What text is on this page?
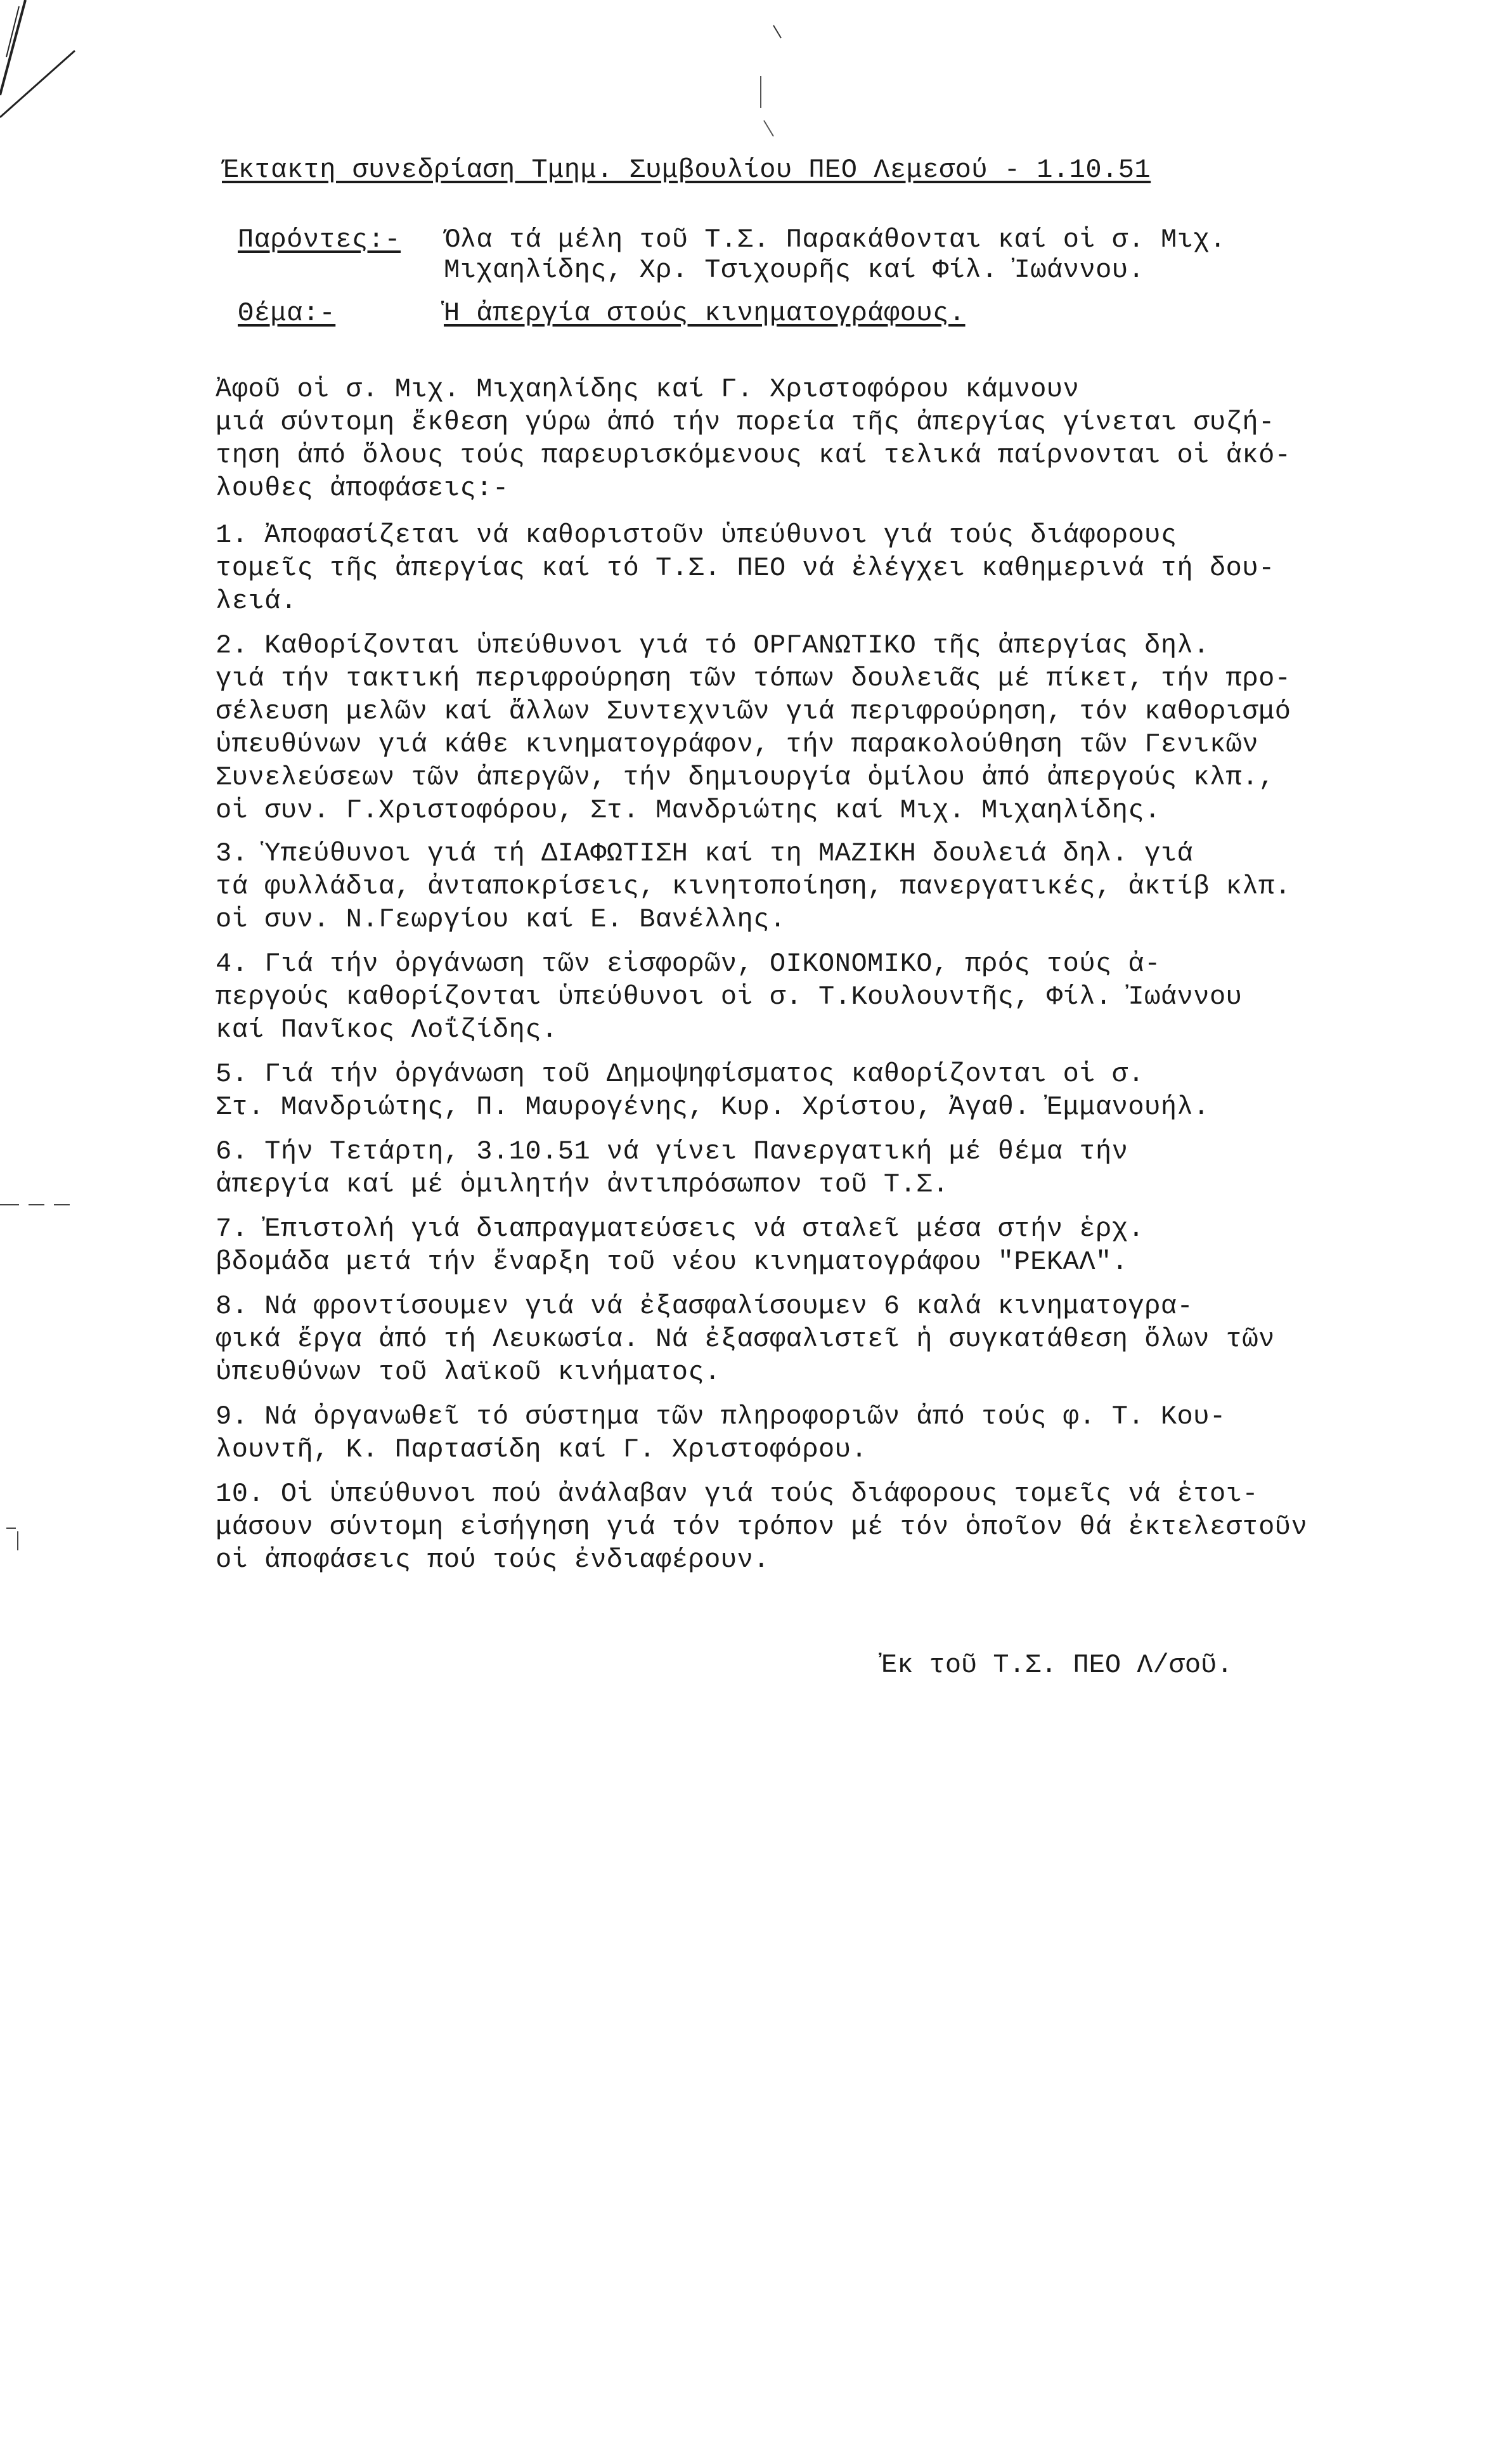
Έκτακτη συνεδρίαση Τμημ. Συμβουλίου ΠΕΟ Λεμεσού - 1.10.51
Παρόντες:- Όλα τά μέλη τοῦ Τ.Σ. Παρακάθονται καί οἱ σ. Μιχ.
Μιχαηλίδης, Χρ. Τσιχουρῆς καί Φίλ. Ἰωάννου.
Θέμα:-	Ἡ ἀπεργία στούς κινηματογράφους.
Ἀφοῦ οἱ σ. Μιχ. Μιχαηλίδης καί Γ. Χριστοφόρου κάμνουν
μιά σύντομη ἔκθεση γύρω ἀπό τήν πορεία τῆς ἀπεργίας γίνεται συζή-
τηση ἀπό ὅλους τούς παρευρισκόμενους καί τελικά παίρνονται οἱ ἀκό-
λουθες ἀποφάσεις:-
1. Ἀποφασίζεται νά καθοριστοῦν ὑπεύθυνοι γιά τούς διάφορους
τομεῖς τῆς ἀπεργίας καί τό Τ.Σ. ΠΕΟ νά ἐλέγχει καθημερινά τή δου-
λειά.
2. Καθορίζονται ὑπεύθυνοι γιά τό ΟΡΓΑΝΩΤΙΚΟ τῆς ἀπεργίας δηλ.
γιά τήν τακτική περιφρούρηση τῶν τόπων δουλειᾶς μέ πίκετ, τήν προ-
σέλευση μελῶν καί ἄλλων Συντεχνιῶν γιά περιφρούρηση, τόν καθορισμό
ὑπευθύνων γιά κάθε κινηματογράφον, τήν παρακολούθηση τῶν Γενικῶν
Συνελεύσεων τῶν ἀπεργῶν, τήν δημιουργία ὁμίλου ἀπό ἀπεργούς κλπ.,
οἱ συν. Γ.Χριστοφόρου, Στ. Μανδριώτης καί Μιχ. Μιχαηλίδης.
3. Ὑπεύθυνοι γιά τή ΔΙΑΦΩΤΙΣΗ καί τη ΜΑΖΙΚΗ δουλειά δηλ. γιά
τά φυλλάδια, ἀνταποκρίσεις, κινητοποίηση, πανεργατικές, ἀκτίβ κλπ.
οἱ συν. Ν.Γεωργίου καί Ε. Βανέλλης.
4. Γιά τήν ὀργάνωση τῶν εἰσφορῶν, ΟΙΚΟΝΟΜΙΚΟ, πρός τούς ἀ-
περγούς καθορίζονται ὑπεύθυνοι οἱ σ. Τ.Κουλουντῆς, Φίλ. Ἰωάννου
καί Πανῖκος Λοΐζίδης.
5. Γιά τήν ὀργάνωση τοῦ Δημοψηφίσματος καθορίζονται οἱ σ.
Στ. Μανδριώτης, Π. Μαυρογένης, Κυρ. Χρίστου, Ἀγαθ. Ἐμμανουήλ.
6. Τήν Τετάρτη, 3.10.51 νά γίνει Πανεργατική μέ θέμα τήν
ἀπεργία καί μέ ὁμιλητήν ἀντιπρόσωπον τοῦ Τ.Σ.
7. Ἐπιστολή γιά διαπραγματεύσεις νά σταλεῖ μέσα στήν ἑρχ.
βδομάδα μετά τήν ἔναρξη τοῦ νέου κινηματογράφου "ΡΕΚΑΛ".
8. Νά φροντίσουμεν γιά νά ἐξασφαλίσουμεν 6 καλά κινηματογρα-
φικά ἔργα ἀπό τή Λευκωσία. Νά ἐξασφαλιστεῖ ἡ συγκατάθεση ὅλων τῶν
ὑπευθύνων τοῦ λαϊκοῦ κινήματος.
9. Νά ὀργανωθεῖ τό σύστημα τῶν πληροφοριῶν ἀπό τούς φ. Τ. Κου-
λουντῆ, Κ. Παρτασίδη καί Γ. Χριστοφόρου.
10. Οἱ ὑπεύθυνοι πού ἀνάλαβαν γιά τούς διάφορους τομεῖς νά ἑτοι-
μάσουν σύντομη εἰσήγηση γιά τόν τρόπον μέ τόν ὁποῖον θά ἐκτελεστοῦν
οἱ ἀποφάσεις πού τούς ἐνδιαφέρουν.
Ἐκ τοῦ Τ.Σ. ΠΕΟ Λ/σοῦ.
